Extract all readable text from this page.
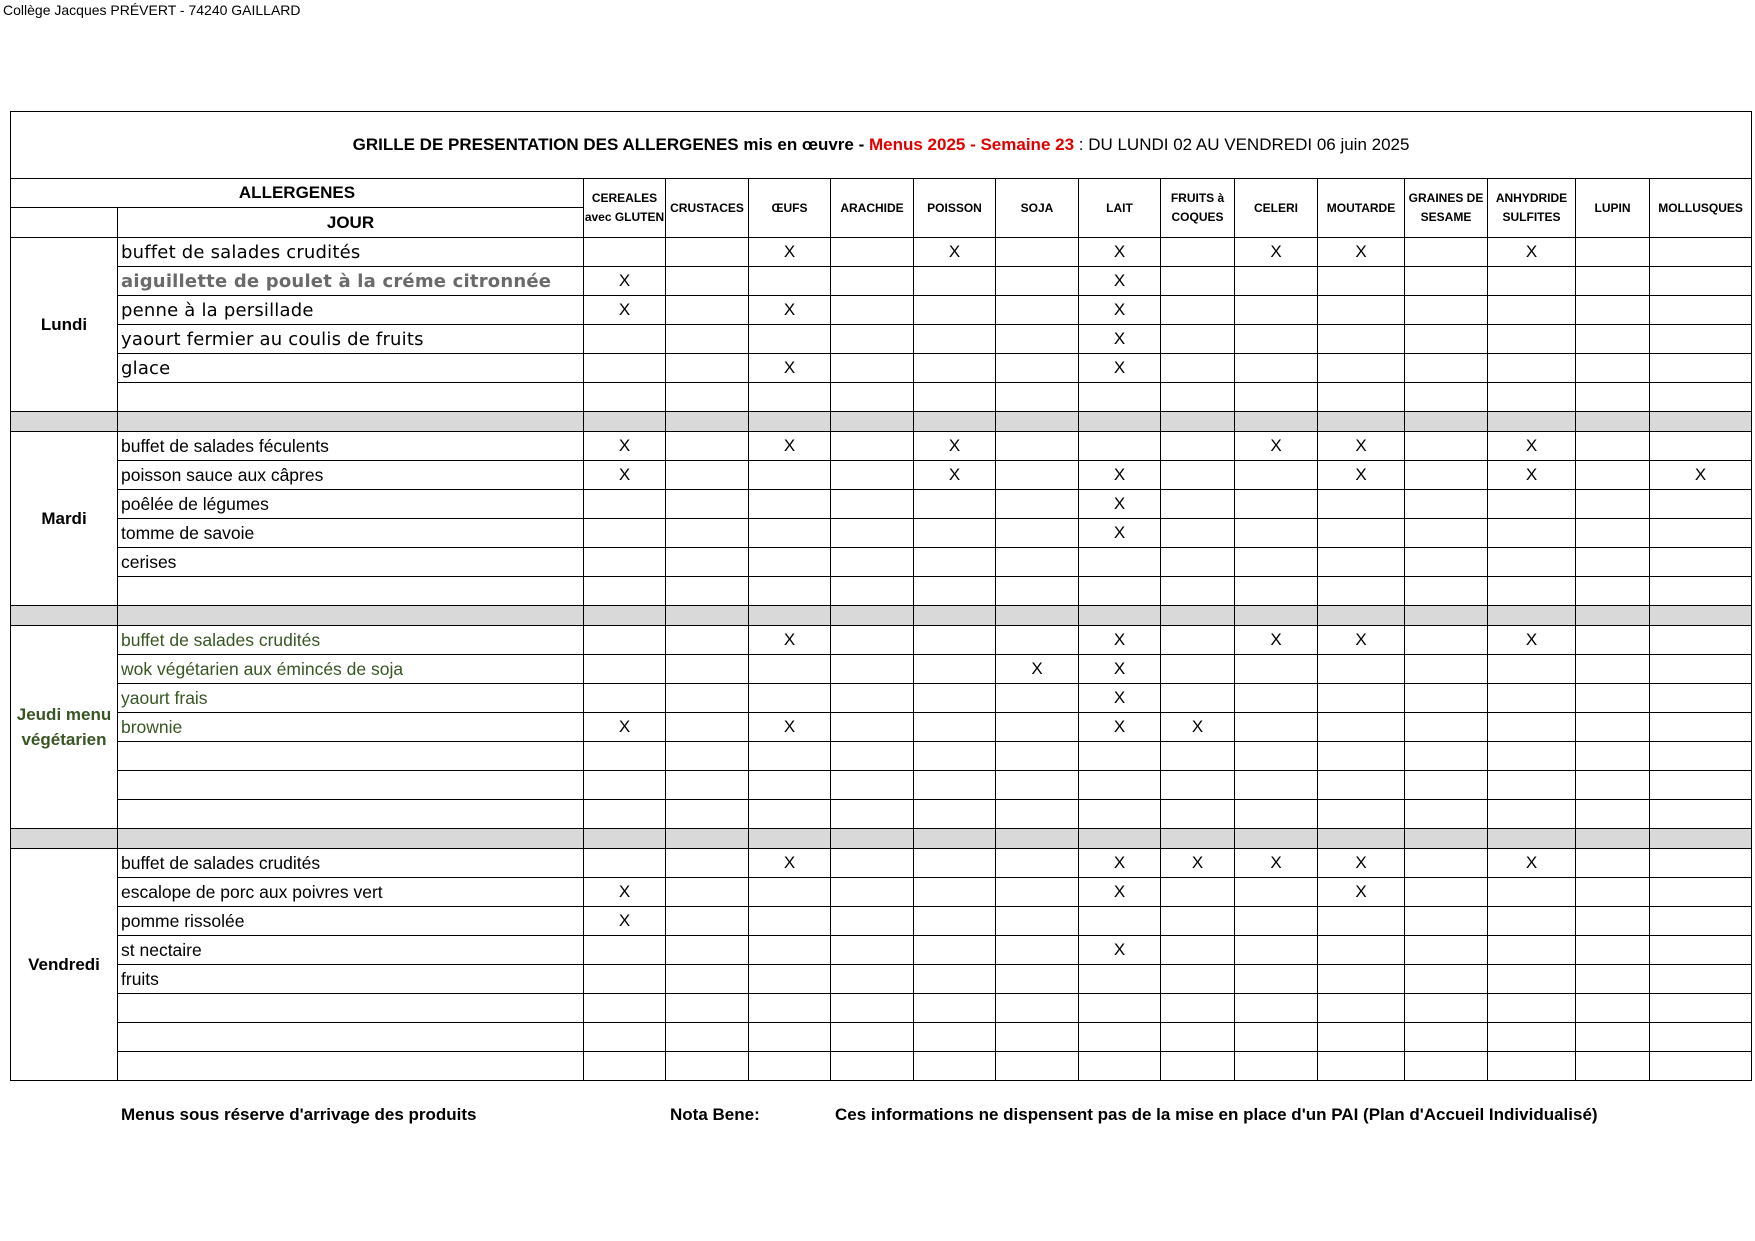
Collège Jacques PRÉVERT - 74240 GAILLARD
GRILLE DE PRESENTATION DES ALLERGENES mis en œuvre - Menus 2025 - Semaine 23 : DU LUNDI 02 AU VENDREDI 06 juin 2025															
ALLERGENES		CEREALES avec GLUTEN	CRUSTACES	ŒUFS	ARACHIDE	POISSON	SOJA	LAIT	FRUITS à COQUES	CELERI	MOUTARDE	GRAINES DE SESAME	ANHYDRIDE SULFITES	LUPIN	MOLLUSQUES
	JOUR														
Lundi	buffet de salades crudités			X		X		X		X	X		X		
	aiguillette de poulet à la créme citronnée	X						X							
	penne à la persillade	X		X				X							
	yaourt fermier au coulis de fruits							X							
	glace			X				X							

Mardi	buffet de salades féculents	X		X		X				X	X		X		
	poisson sauce aux câpres	X				X		X			X		X		X
	poêlée de légumes							X							
	tomme de savoie							X							
	cerises														

Jeudi menu végétarien	buffet de salades crudités			X				X		X	X		X		
	wok végétarien aux éminc​és de soja						X	X							
	yaourt frais							X							
	brownie	X		X				X	X						

Vendredi	buffet de salades crudités			X				X	X	X	X		X		
	escalope de porc aux poivres vert	X						X			X				
	pomme rissolée	X													
	st nectaire							X							
	fruits														

Menus sous réserve d'arrivage des produits	Nota Bene:	Ces informations ne dispensent pas de la mise en place d'un PAI (Plan d'Accueil Individualisé)
